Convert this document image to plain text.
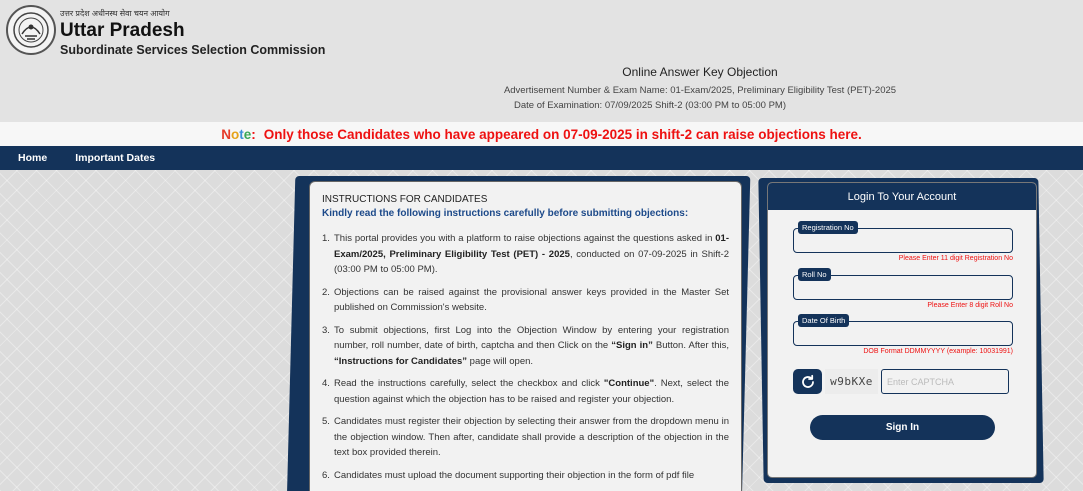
उत्तर प्रदेश अधीनस्थ सेवा चयन आयोग
Uttar Pradesh
Subordinate Services Selection Commission
Online Answer Key Objection
Advertisement Number & Exam Name: 01-Exam/2025, Preliminary Eligibility Test (PET)-2025
Date of Examination: 07/09/2025 Shift-2 (03:00 PM to 05:00 PM)
Note: Only those Candidates who have appeared on 07-09-2025 in shift-2 can raise objections here.
Home	Important Dates
INSTRUCTIONS FOR CANDIDATES
Kindly read the following instructions carefully before submitting objections:
1. This portal provides you with a platform to raise objections against the questions asked in 01-Exam/2025, Preliminary Eligibility Test (PET) - 2025, conducted on 07-09-2025 in Shift-2 (03:00 PM to 05:00 PM).
2. Objections can be raised against the provisional answer keys provided in the Master Set published on Commission's website.
3. To submit objections, first Log into the Objection Window by entering your registration number, roll number, date of birth, captcha and then Click on the “Sign in” Button. After this, “Instructions for Candidates” page will open.
4. Read the instructions carefully, select the checkbox and click "Continue". Next, select the question against which the objection has to be raised and register your objection.
5. Candidates must register their objection by selecting their answer from the dropdown menu in the objection window. Then after, candidate shall provide a description of the objection in the text box provided therein.
6. Candidates must upload the document supporting their objection in the form of pdf file
Login To Your Account
Registration No
Please Enter 11 digit Registration No
Roll No
Please Enter 8 digit Roll No
Date Of Birth
DOB Format DDMMYYYY (example: 10031991)
w9bKXe
Enter CAPTCHA
Sign In
